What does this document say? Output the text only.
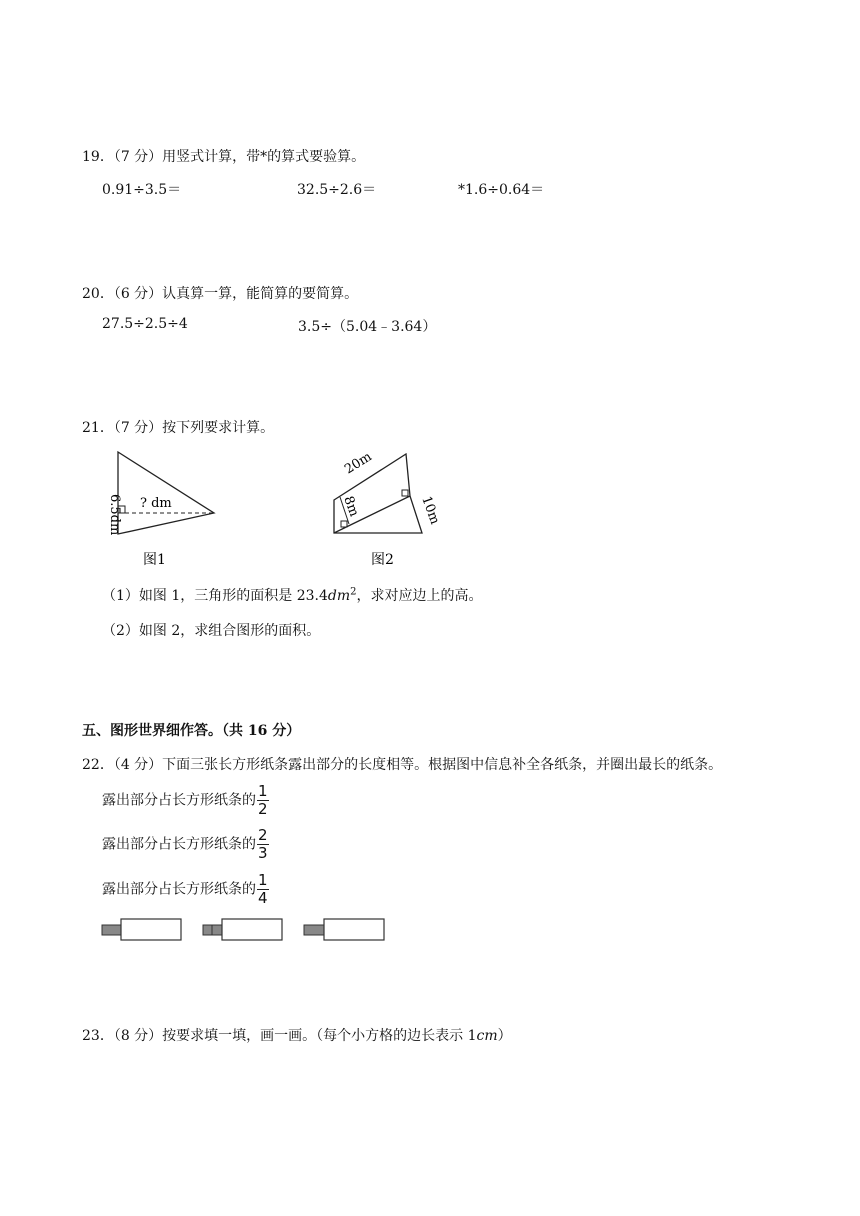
19．（7 分）用竖式计算，带*的算式要验算。
0.91÷3.5＝	32.5÷2.6＝	*1.6÷0.64＝
20．（6 分）认真算一算，能简算的要简算。
27.5÷2.5÷4	3.5÷（5.04﹣3.64）
21．（7 分）按下列要求计算。
6.5dm ? dm
图1
20m
8m	10m
图2
（1）如图 1，三角形的面积是 $23.4dm^2$，求对应边上的高。
（2）如图 2，求组合图形的面积。
五、图形世界细作答。（共 16 分）
22．（4 分）下面三张长方形纸条露出部分的长度相等。根据图中信息补全各纸条，并圈出最长的纸条。
露出部分占长方形纸条的 $\frac{1}{2}$
露出部分占长方形纸条的 $\frac{2}{3}$
露出部分占长方形纸条的 $\frac{1}{4}$
23．（8 分）按要求填一填，画一画。（每个小方格的边长表示 1cm）
